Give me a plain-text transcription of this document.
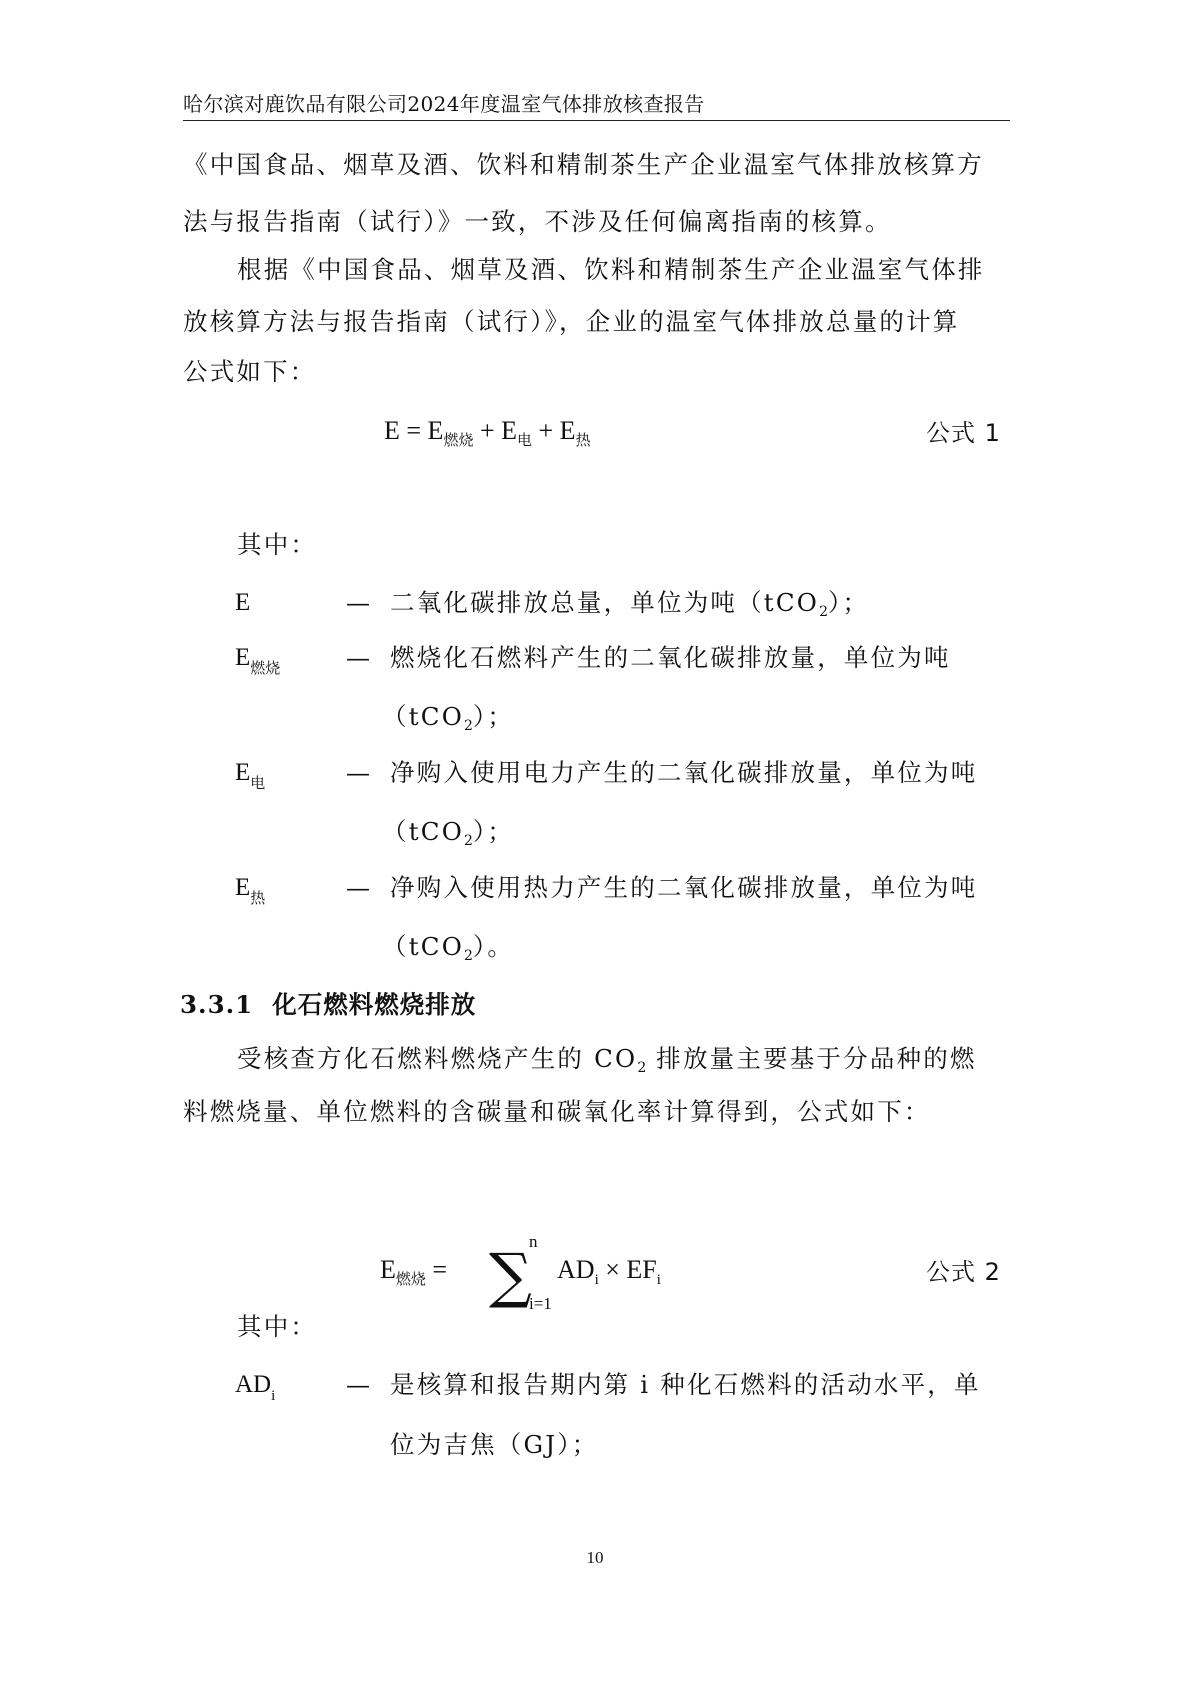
哈尔滨对鹿饮品有限公司2024年度温室气体排放核查报告
《中国食品、烟草及酒、饮料和精制茶生产企业温室气体排放核算方
法与报告指南（试行）》一致，不涉及任何偏离指南的核算。
根据《中国食品、烟草及酒、饮料和精制茶生产企业温室气体排
放核算方法与报告指南（试行）》，企业的温室气体排放总量的计算
公式如下：
$E = E_{燃烧} + E_电 + E_热$	公式 1
其中：
E	— 二氧化碳排放总量，单位为吨（tCO$_2$）；
$E_{燃烧}$	— 燃烧化石燃料产生的二氧化碳排放量，单位为吨
（tCO$_2$）；
$E_电$	— 净购入使用电力产生的二氧化碳排放量，单位为吨
（tCO$_2$）；
$E_热$	— 净购入使用热力产生的二氧化碳排放量，单位为吨
（tCO$_2$）。
3.3.1 化石燃料燃烧排放
受核查方化石燃料燃烧产生的 $CO_2$ 排放量主要基于分品种的燃
料燃烧量、单位燃料的含碳量和碳氧化率计算得到，公式如下：
$E_{燃烧}$ = ∑
n
i=1
$AD_i \times EF_i$	公式 2
其中：
$AD_i$	— 是核算和报告期内第 i 种化石燃料的活动水平，单
位为吉焦（GJ）；
10
